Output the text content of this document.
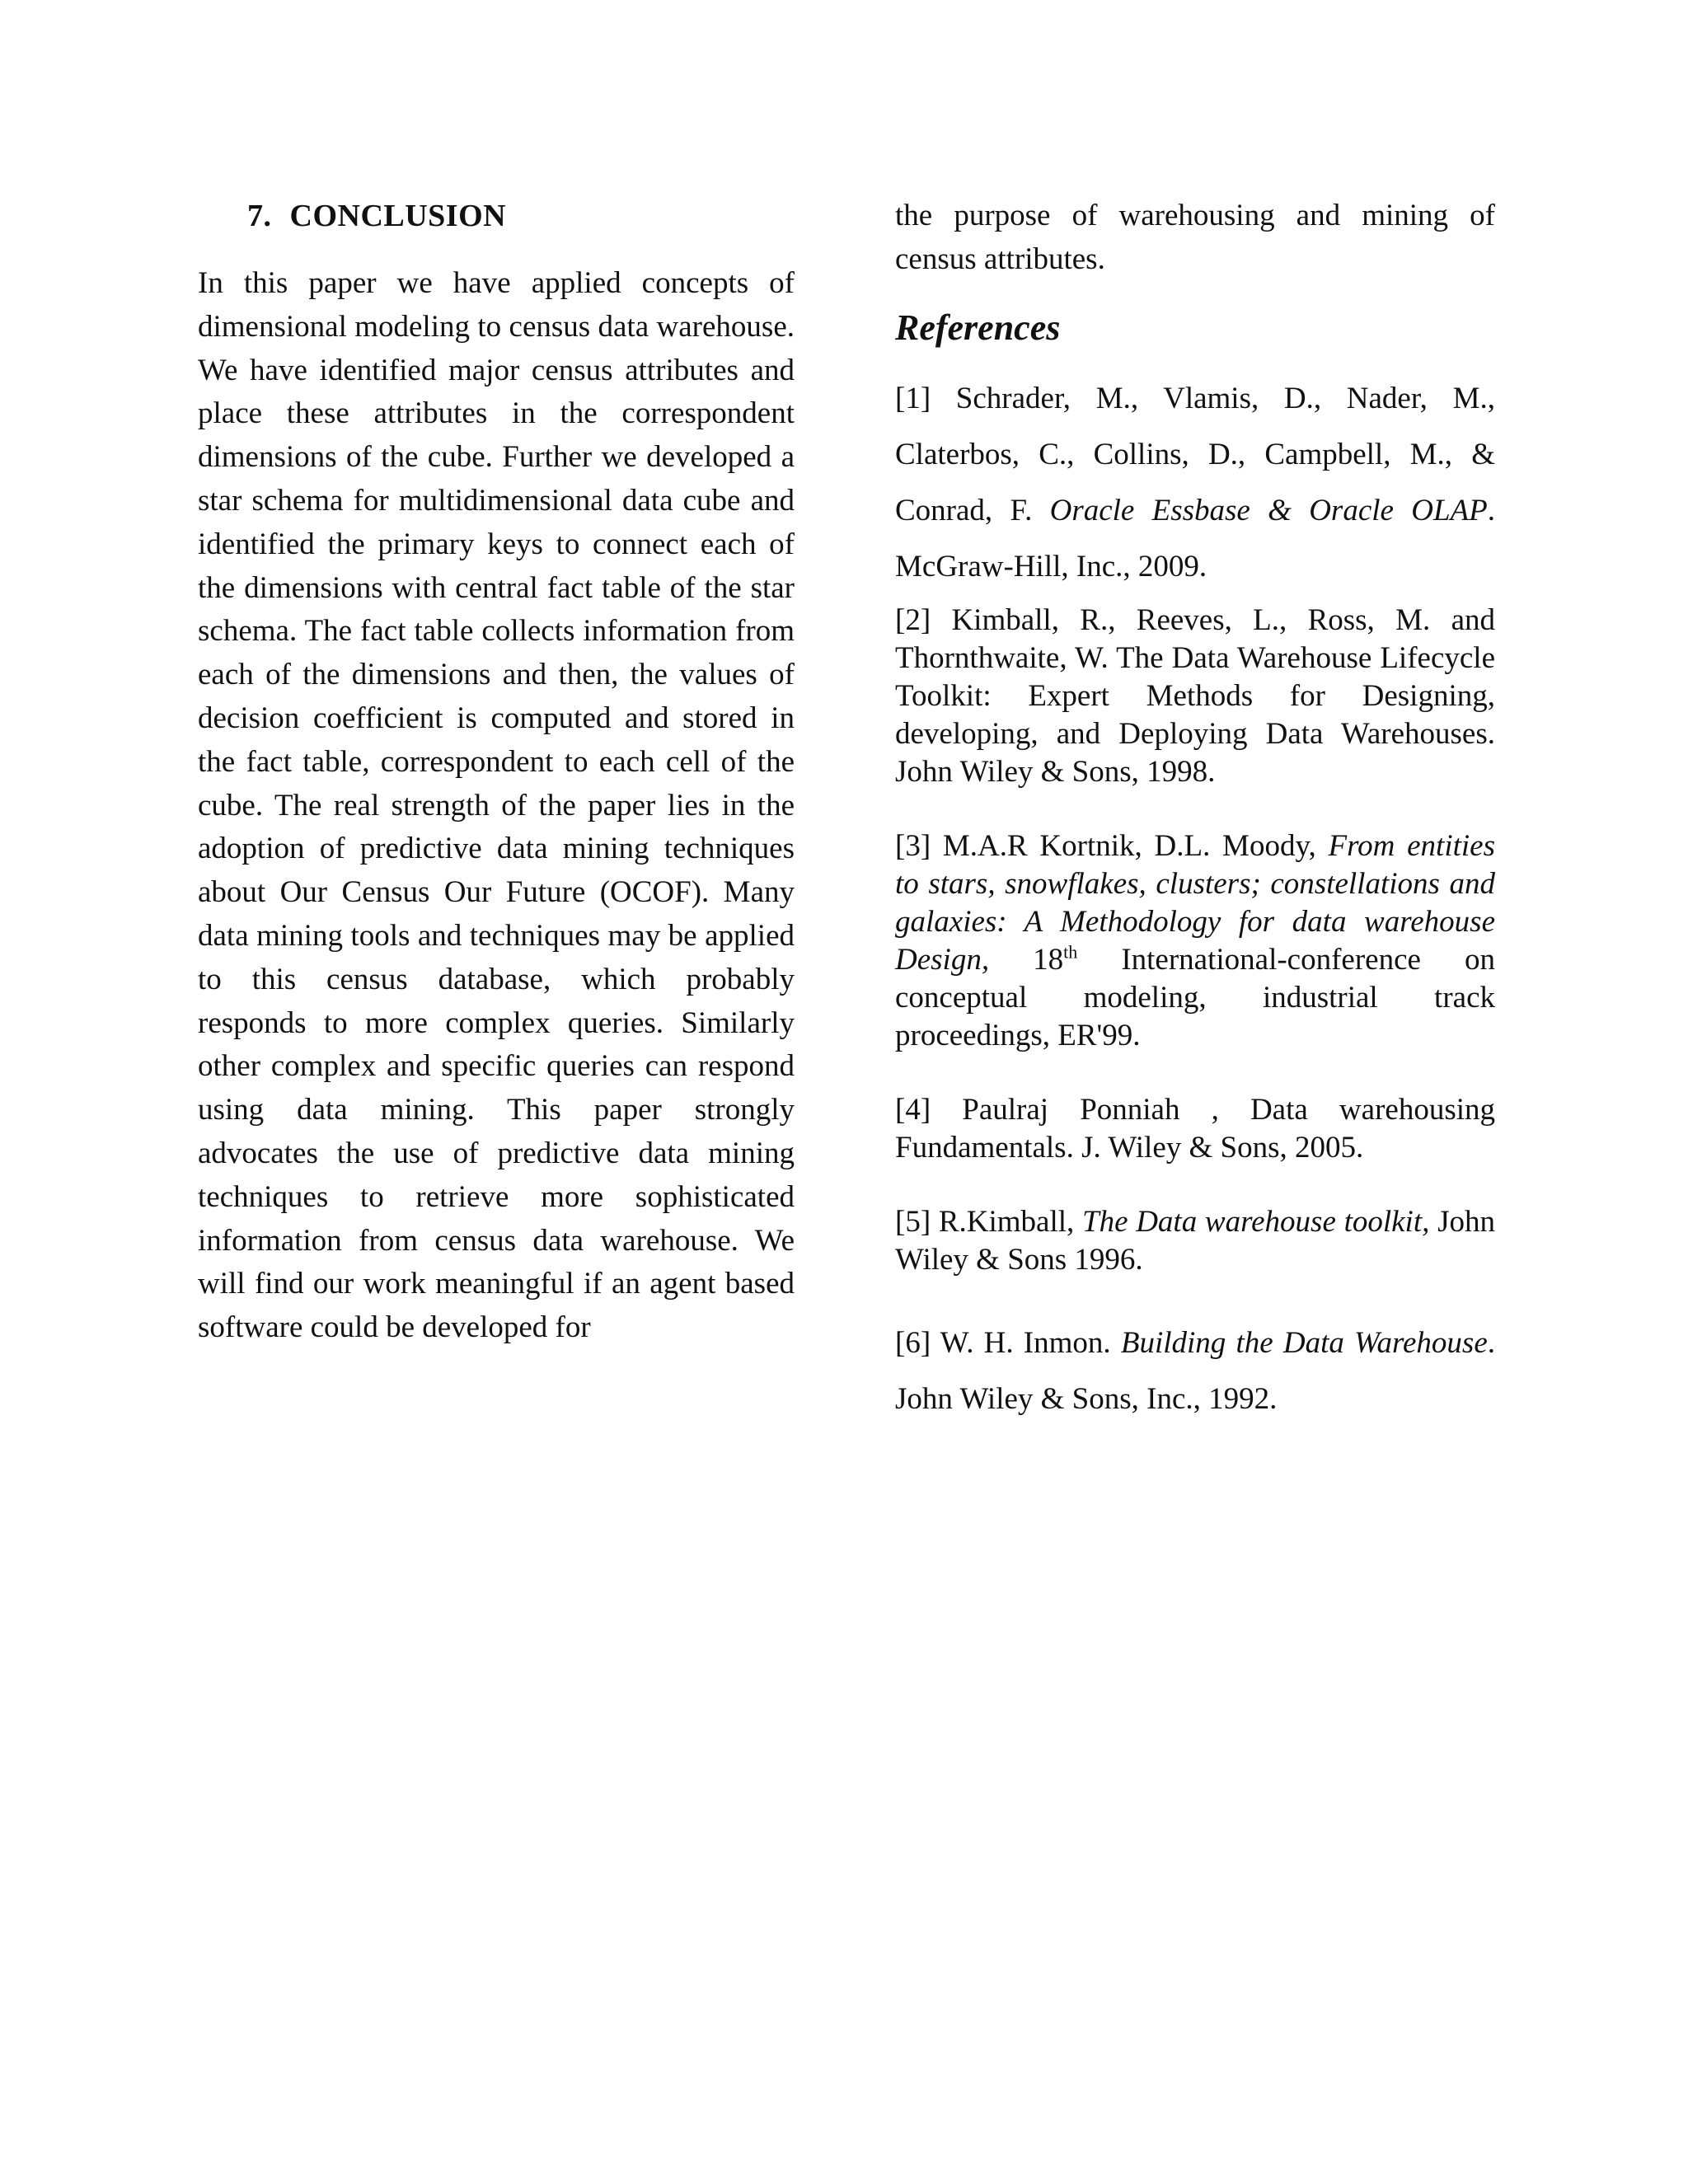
7. CONCLUSION

In this paper we have applied concepts of dimensional modeling to census data warehouse. We have identified major census attributes and place these attributes in the correspondent dimensions of the cube. Further we developed a star schema for multidimensional data cube and identified the primary keys to connect each of the dimensions with central fact table of the star schema. The fact table collects information from each of the dimensions and then, the values of decision coefficient is computed and stored in the fact table, correspondent to each cell of the cube. The real strength of the paper lies in the adoption of predictive data mining techniques about Our Census Our Future (OCOF). Many data mining tools and techniques may be applied to this census database, which probably responds to more complex queries. Similarly other complex and specific queries can respond using data mining. This paper strongly advocates the use of predictive data mining techniques to retrieve more sophisticated information from census data warehouse. We will find our work meaningful if an agent based software could be developed for

the purpose of warehousing and mining of census attributes.

References

[1] Schrader, M., Vlamis, D., Nader, M., Claterbos, C., Collins, D., Campbell, M., & Conrad, F. Oracle Essbase & Oracle OLAP. McGraw-Hill, Inc., 2009.

[2] Kimball, R., Reeves, L., Ross, M. and Thornthwaite, W. The Data Warehouse Lifecycle Toolkit: Expert Methods for Designing, developing, and Deploying Data Warehouses. John Wiley & Sons, 1998.

[3] M.A.R Kortnik, D.L. Moody, From entities to stars, snowflakes, clusters; constellations and galaxies: A Methodology for data warehouse Design, 18th International-conference on conceptual modeling, industrial track proceedings, ER'99.

[4] Paulraj Ponniah , Data warehousing Fundamentals. J. Wiley & Sons, 2005.

[5] R.Kimball, The Data warehouse toolkit, John Wiley & Sons 1996.

[6] W. H. Inmon. Building the Data Warehouse. John Wiley & Sons, Inc., 1992.
